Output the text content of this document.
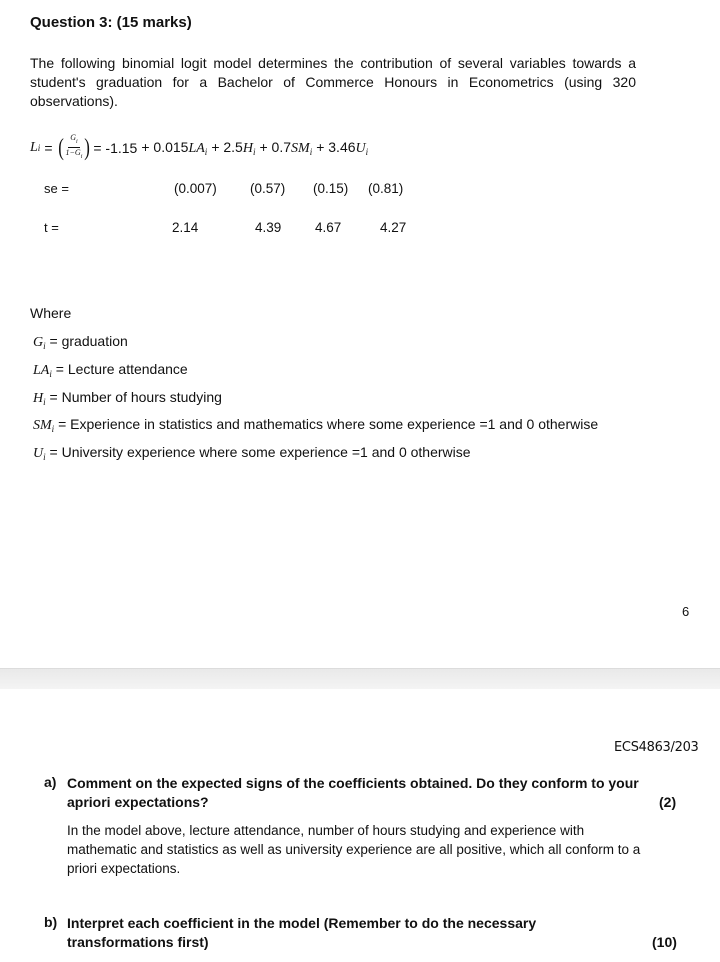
Question 3: (15 marks)
The following binomial logit model determines the contribution of several variables towards a student's graduation for a Bachelor of Commerce Honours in Econometrics (using 320 observations).
L i = ( $\frac{G_i}{1-G_i}$ ) = $-1.15 + 0.015LA_i + 2.5H_i + 0.7SM_i + 3.46U_i$
se =	(0.007) (0.57) (0.15) (0.81)
t =	2.14	4.39 4.67	4.27
Where
$G_i$ = graduation
$LA_i$ = Lecture attendance
$H_i$ = Number of hours studying
$SM_i$ = Experience in statistics and mathematics where some experience =1 and 0 otherwise
$U_i$ = University experience where some experience =1 and 0 otherwise
6
ECS4863/203
a) Comment on the expected signs of the coefficients obtained. Do they conform to your apriori expectations?	(2)
In the model above, lecture attendance, number of hours studying and experience with mathematic and statistics as well as university experience are all positive, which all conform to a priori expectations.
b) Interpret each coefficient in the model (Remember to do the necessary transformations first)	(10)
